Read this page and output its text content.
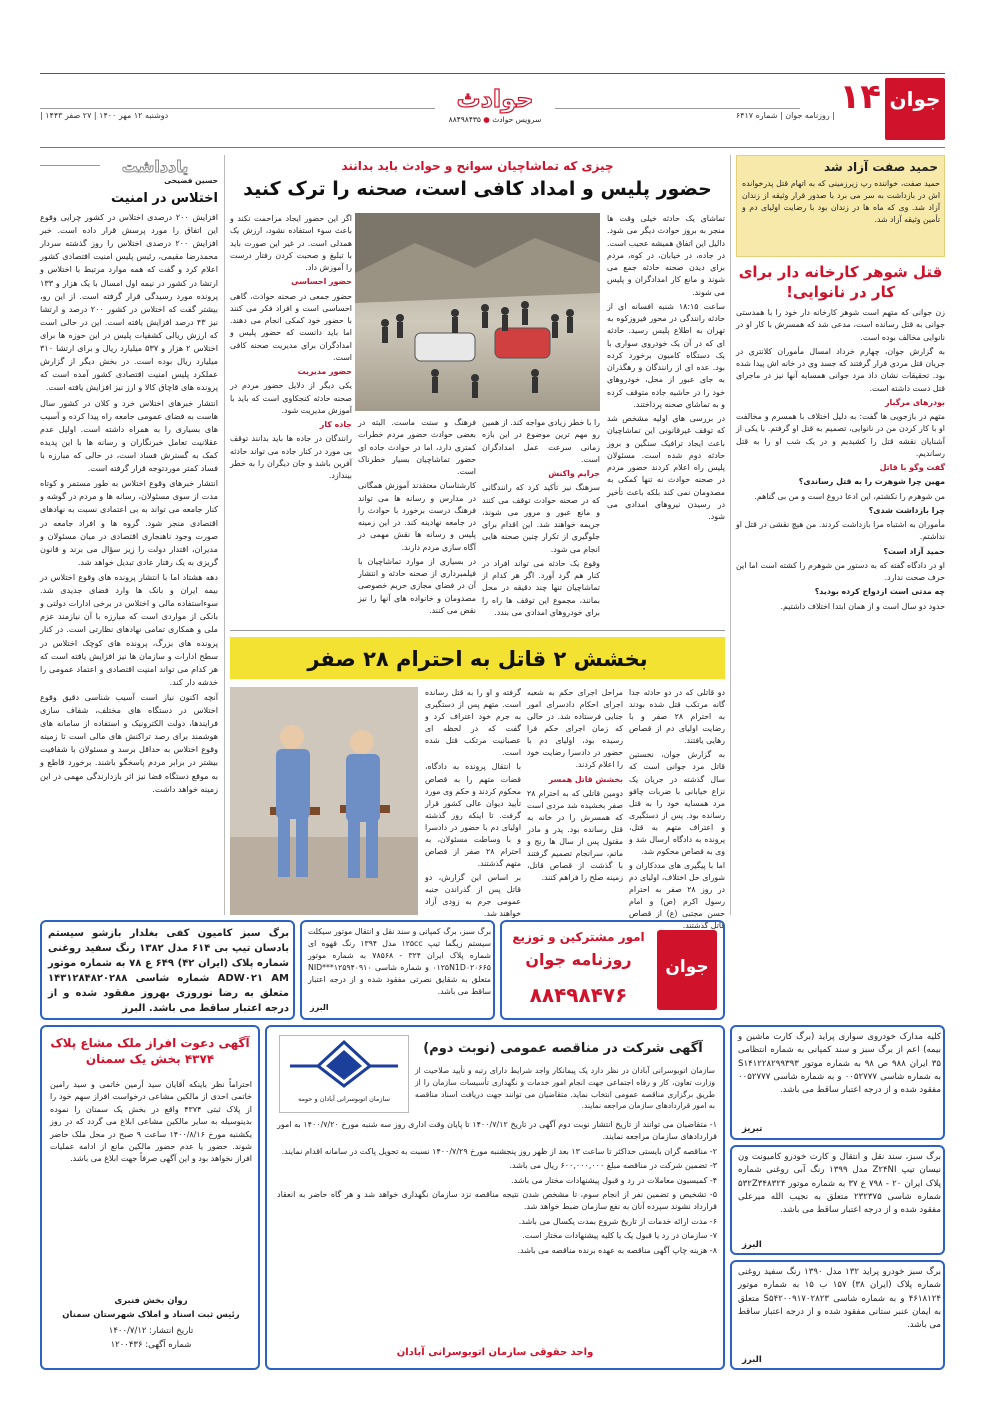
جوان
۱۴
| روزنامه جوان | شماره ۶۴۱۷
دوشنبه ۱۲ مهر ۱۴۰۰ | ۲۷ صفر ۱۴۴۳ |
حوادث
سرویس حوادث ● ۸۸۴۹۸۴۳۵
یادداشت
حسین فضیحی
اختلاس در امنیت

افزایش ۲۰۰ درصدی اختلاس در کشور چرایی وقوع این اتفاق را مورد پرسش قرار داده است. خبر افزایش ۲۰۰ درصدی اختلاس را روز گذشته سردار محمدرضا مقیمی، رئیس پلیس امنیت اقتصادی کشور اعلام کرد و گفت که همه موارد مرتبط با اختلاس و ارتشا در کشور در نیمه اول امسال با یک هزار و ۱۳۳ پرونده مورد رسیدگی قرار گرفته است. از این رو، بیشتر گفت که اختلاس در کشور ۲۰۰ درصد و ارتشا نیز ۴۳ درصد افزایش یافته است. این در حالی است که ارزش ریالی کشفیات پلیس در این حوزه ها برای اختلاس ۲ هزار و ۵۳۷ میلیارد ریال و برای ارتشا ۳۱۰ میلیارد ریال بوده است. در بخش دیگر از گزارش عملکرد پلیس امنیت اقتصادی کشور آمده است که پرونده های قاچاق کالا و ارز نیز افزایش یافته است.

انتشار خبرهای اختلاس خرد و کلان در کشور سال هاست به فضای عمومی جامعه راه پیدا کرده و آسیب های بسیاری را به همراه داشته است. اولیل عدم عقلانیت تعامل خبرنگاران و رسانه ها با این پدیده کمک به گسترش فساد است، در حالی که مبارزه با فساد کمتر موردتوجه قرار گرفته است.

انتشار خبرهای وقوع اختلاس به طور مستمر و کوتاه مدت از سوی مسئولان، رسانه ها و مردم در گوشه و کنار جامعه می تواند به بی اعتمادی نسبت به نهادهای اقتصادی منجر شود. گروه ها و افراد جامعه در صورت وجود ناهنجاری اقتصادی در میان مسئولان و مدیران، اقتدار دولت را زیر سؤال می برند و قانون گریزی به یک رفتار عادی تبدیل خواهد شد.

دهه هشتاد اما با انتشار پرونده های وقوع اختلاس در بیمه ایران و بانک ها وارد فضای جدیدی شد. سوءاستفاده مالی و اختلاس در برخی ادارات دولتی و بانکی از مواردی است که مبارزه با آن نیازمند عزم ملی و همکاری تمامی نهادهای نظارتی است. در کنار پرونده های بزرگ، پرونده های کوچک اختلاس در سطح ادارات و سازمان ها نیز افزایش یافته است که هر کدام می تواند امنیت اقتصادی و اعتماد عمومی را خدشه دار کند.

آنچه اکنون نیاز است آسیب شناسی دقیق وقوع اختلاس در دستگاه های مختلف، شفاف سازی فرایندها، دولت الکترونیک و استفاده از سامانه های هوشمند برای رصد تراکنش های مالی است تا زمینه وقوع اختلاس به حداقل برسد و مسئولان با شفافیت بیشتر در برابر مردم پاسخگو باشند. برخورد قاطع و به موقع دستگاه قضا نیز اثر بازدارندگی مهمی در این زمینه خواهد داشت.

چیزی که تماشاچیان سوانح و حوادث باید بدانند
حضور پلیس و امداد کافی است، صحنه را ترک کنید

تماشای یک حادثه خیلی وقت ها منجر به بروز حوادث دیگر می شود. دالیل این اتفاق همیشه عجیب است. در جاده، در خیابان، در کوه، مردم برای دیدن صحنه حادثه جمع می شوند و مانع کار امدادگران و پلیس می شوند.

ساعت ۱۸:۱۵ شنبه افسانه ای از حادثه رانندگی در محور فیروزکوه به تهران به اطلاع پلیس رسید. حادثه ای که در آن یک خودروی سواری با یک دستگاه کامیون برخورد کرده بود. عده ای از رانندگان و رهگذران به جای عبور از محل، خودروهای خود را در حاشیه جاده متوقف کرده و به تماشای صحنه پرداختند.

در بررسی های اولیه مشخص شد که توقف غیرقانونی این تماشاچیان باعث ایجاد ترافیک سنگین و بروز حادثه دوم شده است. مسئولان پلیس راه اعلام کردند حضور مردم در صحنه حوادث نه تنها کمکی به مصدومان نمی کند بلکه باعث تأخیر در رسیدن نیروهای امدادی می شود.

را با خطر زیادی مواجه کند. از همین رو مهم ترین موضوع در این بازه زمانی سرعت عمل امدادگران است.

جرایم واکنش

سرهنگ نیز تأکید کرد که رانندگانی که در صحنه حوادث توقف می کنند و مانع عبور و مرور می شوند، جریمه خواهند شد. این اقدام برای جلوگیری از تکرار چنین صحنه هایی انجام می شود.

وقوع یک حادثه می تواند افراد در کنار هم گرد آورد. اگر هر کدام از تماشاچیان تنها چند دقیقه در محل بمانند، مجموع این توقف ها راه را برای خودروهای امدادی می بندد.

فرهنگ و سنت ماست. البته در بعضی حوادث حضور مردم خطرات کمتری دارد، اما در حوادث جاده ای حضور تماشاچیان بسیار خطرناک است.

کارشناسان معتقدند آموزش همگانی در مدارس و رسانه ها می تواند فرهنگ درست برخورد با حوادث را در جامعه نهادینه کند. در این زمینه پلیس و رسانه ها نقش مهمی در آگاه سازی مردم دارند.

در بسیاری از موارد تماشاچیان با فیلمبرداری از صحنه حادثه و انتشار آن در فضای مجازی حریم خصوصی مصدومان و خانواده های آنها را نیز نقض می کنند.

اگر این حضور ایجاد مزاحمت نکند و باعث سوء استفاده نشود، ارزش یک همدلی است. در غیر این صورت باید با تبلیغ و صحبت کردن رفتار درست را آموزش داد.

حضور احساسی

حضور جمعی در صحنه حوادث، گاهی احساسی است و افراد فکر می کنند با حضور خود کمکی انجام می دهند. اما باید دانست که حضور پلیس و امدادگران برای مدیریت صحنه کافی است.

حضور مدیریت

یکی دیگر از دلایل حضور مردم در صحنه حادثه کنجکاوی است که باید با آموزش مدیریت شود.

جاده کار

رانندگان در جاده ها باید بدانند توقف بی مورد در کنار جاده می تواند حادثه آفرین باشد و جان دیگران را به خطر بیندازد.

بخشش ۲ قاتل به احترام ۲۸ صفر

دو قاتلی که در دو حادثه جدا گانه مرتکب قتل شده بودند به احترام ۲۸ صفر و با رضایت اولیای دم از قصاص رهایی یافتند.

به گزارش جوان، نخستین قاتل مرد جوانی است که سال گذشته در جریان یک نزاع خیابانی با ضربات چاقو مرد همسایه خود را به قتل رسانده بود. پس از دستگیری و اعتراف متهم به قتل، پرونده به دادگاه ارسال شد و وی به قصاص محکوم شد.

اما با پیگیری های مددکاران و شورای حل اختلاف، اولیای دم در روز ۲۸ صفر به احترام رسول اکرم (ص) و امام حسن مجتبی (ع) از قصاص قاتل گذشتند.

مراحل اجرای حکم به شعبه اجرای احکام دادسرای امور جنایی فرستاده شد. در حالی که زمان اجرای حکم فرا رسیده بود، اولیای دم با حضور در دادسرا رضایت خود را اعلام کردند.

بخشش قاتل همسر

دومین قاتلی که به احترام ۲۸ صفر بخشیده شد مردی است که همسرش را در خانه به قتل رسانده بود. پدر و مادر مقتول پس از سال ها رنج و ماتم، سرانجام تصمیم گرفتند با گذشت از قصاص قاتل، زمینه صلح را فراهم کنند.

گرفته و او را به قتل رسانده است. متهم پس از دستگیری به جرم خود اعتراف کرد و گفت که در لحظه ای عصبانیت مرتکب قتل شده است.

با انتقال پرونده به دادگاه، قضات متهم را به قصاص محکوم کردند و حکم وی مورد تأیید دیوان عالی کشور قرار گرفت. تا اینکه روز گذشته اولیای دم با حضور در دادسرا و با وساطت مسئولان، به احترام ۲۸ صفر از قصاص متهم گذشتند.

بر اساس این گزارش، دو قاتل پس از گذراندن جنبه عمومی جرم به زودی آزاد خواهند شد.

حمید صفت آزاد شد
حمید صفت، خواننده رپ زیرزمینی که به اتهام قتل پدرخوانده اش در بازداشت به سر می برد با صدور قرار وثیقه از زندان آزاد شد. وی که ماه ها در زندان بود با رضایت اولیای دم و تأمین وثیقه آزاد شد.
قتل شوهر کارخانه دار برای کار در نانوایی!

زن جوانی که متهم است شوهر کارخانه دار خود را با همدستی جوانی به قتل رسانده است، مدعی شد که همسرش با کار او در نانوایی مخالف بوده است.

به گزارش جوان، چهارم خرداد امسال مأموران کلانتری در جریان قتل مردی قرار گرفتند که جسد وی در خانه اش پیدا شده بود. تحقیقات نشان داد مرد جوانی همسایه آنها نیز در ماجرای قتل دست داشته است.

بودرهای مرگبار

متهم در بازجویی ها گفت: به دلیل اختلاف با همسرم و مخالفت او با کار کردن من در نانوایی، تصمیم به قتل او گرفتم. با یکی از آشنایان نقشه قتل را کشیدیم و در یک شب او را به قتل رساندیم.

گفت وگو با قاتل

مهین چرا شوهرت را به قتل رساندی؟

من شوهرم را نکشتم، این ادعا دروغ است و من بی گناهم.

چرا بازداشت شدی؟

مأموران به اشتباه مرا بازداشت کردند. من هیچ نقشی در قتل او نداشتم.

حمید آزاد است؟

او در دادگاه گفته که به دستور من شوهرم را کشته است اما این حرف صحت ندارد.

چه مدتی است ازدواج کرده بودید؟

حدود دو سال است و از همان ابتدا اختلاف داشتیم.

برگ سبز کامیون کفی بغلدار بازشو سیستم بادسان تیپ بی ۶۱۴ مدل ۱۳۸۲ رنگ سفید روغنی شماره پلاک (ایران ۴۲) ۶۴۹ ع ۷۸ به شماره موتور ADW۰۲۱ AM شماره شاسی ۱۴۳۱۲۸۴۸۲۰۲۸۸ متعلق به رضا نوروزی بهروز مفقود شده و از درجه اعتبار ساقط می باشد. البرز
برگ سبز، برگ کمپانی و سند نقل و انتقال موتور سیکلت سیستم زیگما تیپ ۱۲۵cc مدل ۱۳۹۴ رنگ قهوه ای شماره پلاک ایران ۳۲۴ - ۷۸۵۶۸ به شماره موتور ۰۱۲۵N1D۰۲۰۶۶۵ و شماره شاسی NID***۱۲۵۹۴۰۹۱۰ متعلق به شقایق نصرتی مفقود شده و از درجه اعتبار ساقط می باشد.
البرز
جوان
امور مشترکین و توزیع
روزنامه جوان
۸۸۴۹۸۴۷۶
کلیه مدارک خودروی سواری پراید (برگ کارت ماشین و بیمه) اعم از برگ سبز و سند کمپانی به شماره انتظامی ۳۵ ایران ۹۸۸ ص ۹۸ به شماره موتور S۱۴۱۲۲۸۲۹۹۳۹۳ به شماره شاسی ۰۰۵۲۷۷۷ و به شماره شاسی ۰۰۵۲۷۷۷ مفقود شده و از درجه اعتبار ساقط می باشد.
تبریز
برگ سبز، سند نقل و انتقال و کارت خودرو کامیونت ون نیسان تیپ Z۲۴NI مدل ۱۳۹۹ رنگ آبی روغنی شماره پلاک ایران ۲۰ - ۷۹۸ ع ۳۷ به شماره موتور ۵۳۲Z۳۴۸۳۲۴ شماره شاسی ۲۳۲۳۷۵ متعلق به نجیب الله میرعلی مفقود شده و از درجه اعتبار ساقط می باشد.
البرز
برگ سبز خودرو پراید ۱۳۲ مدل ۱۳۹۰ رنگ سفید روغنی شماره پلاک (ایران ۳۸) ۱۵۷ ب ۱۵ به شماره موتور ۴۶۱۸۱۲۴ و به شماره شاسی S۵۴۲۰۰۹۱۷۰۲۸۲۳ متعلق به ایمان عنبر ستانی مفقود شده و از درجه اعتبار ساقط می باشد.
البرز
آگهی شرکت در مناقصه عمومی (نوبت دوم)
سازمان اتوبوسرانی آبادان و حومه
سازمان اتوبوسرانی آبادان در نظر دارد یک پیمانکار واجد شرایط دارای رتبه و تأیید صلاحیت از وزارت تعاون، کار و رفاه اجتماعی جهت انجام امور خدمات و نگهداری تأسیسات سازمان را از طریق برگزاری مناقصه عمومی انتخاب نماید. متقاضیان می توانند جهت دریافت اسناد مناقصه به امور قراردادهای سازمان مراجعه نمایند.

۱- متقاضیان می توانند از تاریخ انتشار نوبت دوم آگهی در تاریخ ۱۴۰۰/۷/۱۲ تا پایان وقت اداری روز سه شنبه مورخ ۱۴۰۰/۷/۲۰ به امور قراردادهای سازمان مراجعه نمایند.

۲- مناقصه گران بایستی حداکثر تا ساعت ۱۳ بعد از ظهر روز پنجشنبه مورخ ۱۴۰۰/۷/۲۹ نسبت به تحویل پاکت در سامانه اقدام نمایند.

۳- تضمین شرکت در مناقصه مبلغ ۶۰۰,۰۰۰,۰۰۰ ریال می باشد.

۴- کمیسیون معاملات در رد و قبول پیشنهادات مختار می باشد.

۵- تشخیص و تضمین نفر از انجام سوم، تا مشخص شدن نتیجه مناقصه نزد سازمان نگهداری خواهد شد و هر گاه حاضر به انعقاد قرارداد نشوند سپرده آنان به نفع سازمان ضبط خواهد شد.

۶- مدت ارائه خدمات از تاریخ شروع بمدت یکسال می باشد.

۷- سازمان در رد یا قبول یک یا کلیه پیشنهادات مختار است.

۸- هزینه چاپ آگهی مناقصه به عهده برنده مناقصه می باشد.

واحد حقوقی سازمان اتوبوسرانی آبادان
آگهی دعوت افراز ملک مشاع پلاک ۴۳۷۴ بخش یک سمنان
احتراماً نظر باینکه آقایان سید آرمین خاتمی و سید رامین خاتمی احدی از مالکین مشاعی درخواست افراز سهم خود را از پلاک ثبتی ۴۳۷۴ واقع در بخش یک سمنان را نموده بدینوسیله به سایر مالکین مشاعی ابلاغ می گردد که در روز یکشنبه مورخ ۱۴۰۰/۸/۱۶ ساعت ۹ صبح در محل ملک حاضر شوند. حضور یا عدم حضور مالکین مانع از ادامه عملیات افراز نخواهد بود و این آگهی صرفاً جهت ابلاغ می باشد.
روان بخش فنبری
رئیس ثبت اسناد و املاک شهرستان سمنان
تاریخ انتشار: ۱۴۰۰/۷/۱۲
شماره آگهی: ۱۲۰۰۴۳۶
